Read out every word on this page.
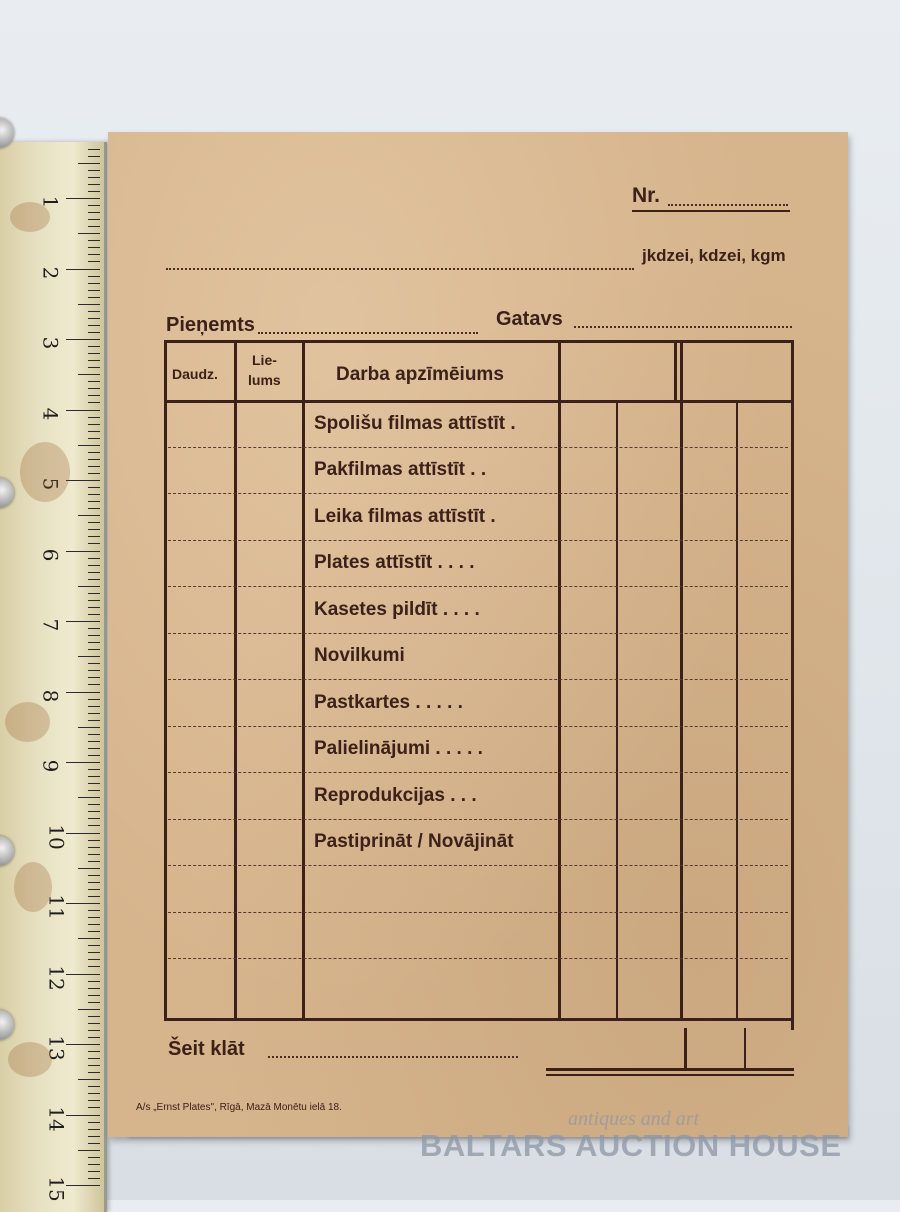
1
2
3
4
5
6
7
8
9
10
11
12
13
14
15
Nr.
jkdzei, kdzei, kgm
Pieņemts	Gatavs
Daudz.
Lie-
lums	Darba apzīmēiums
Spolišu filmas attīstīt .
Pakfilmas attīstīt . .
Leika filmas attīstīt .
Plates attīstīt . . . .
Kasetes pildīt . . . .
Novilkumi
Pastkartes . . . . .
Palielinājumi . . . . .
Reprodukcijas . . .
Pastiprināt / Novājināt
Šeit klāt
A/s „Ernst Plates", Rīgā, Mazā Monētu ielā 18.
antiques and art
BALTARS AUCTION HOUSE
